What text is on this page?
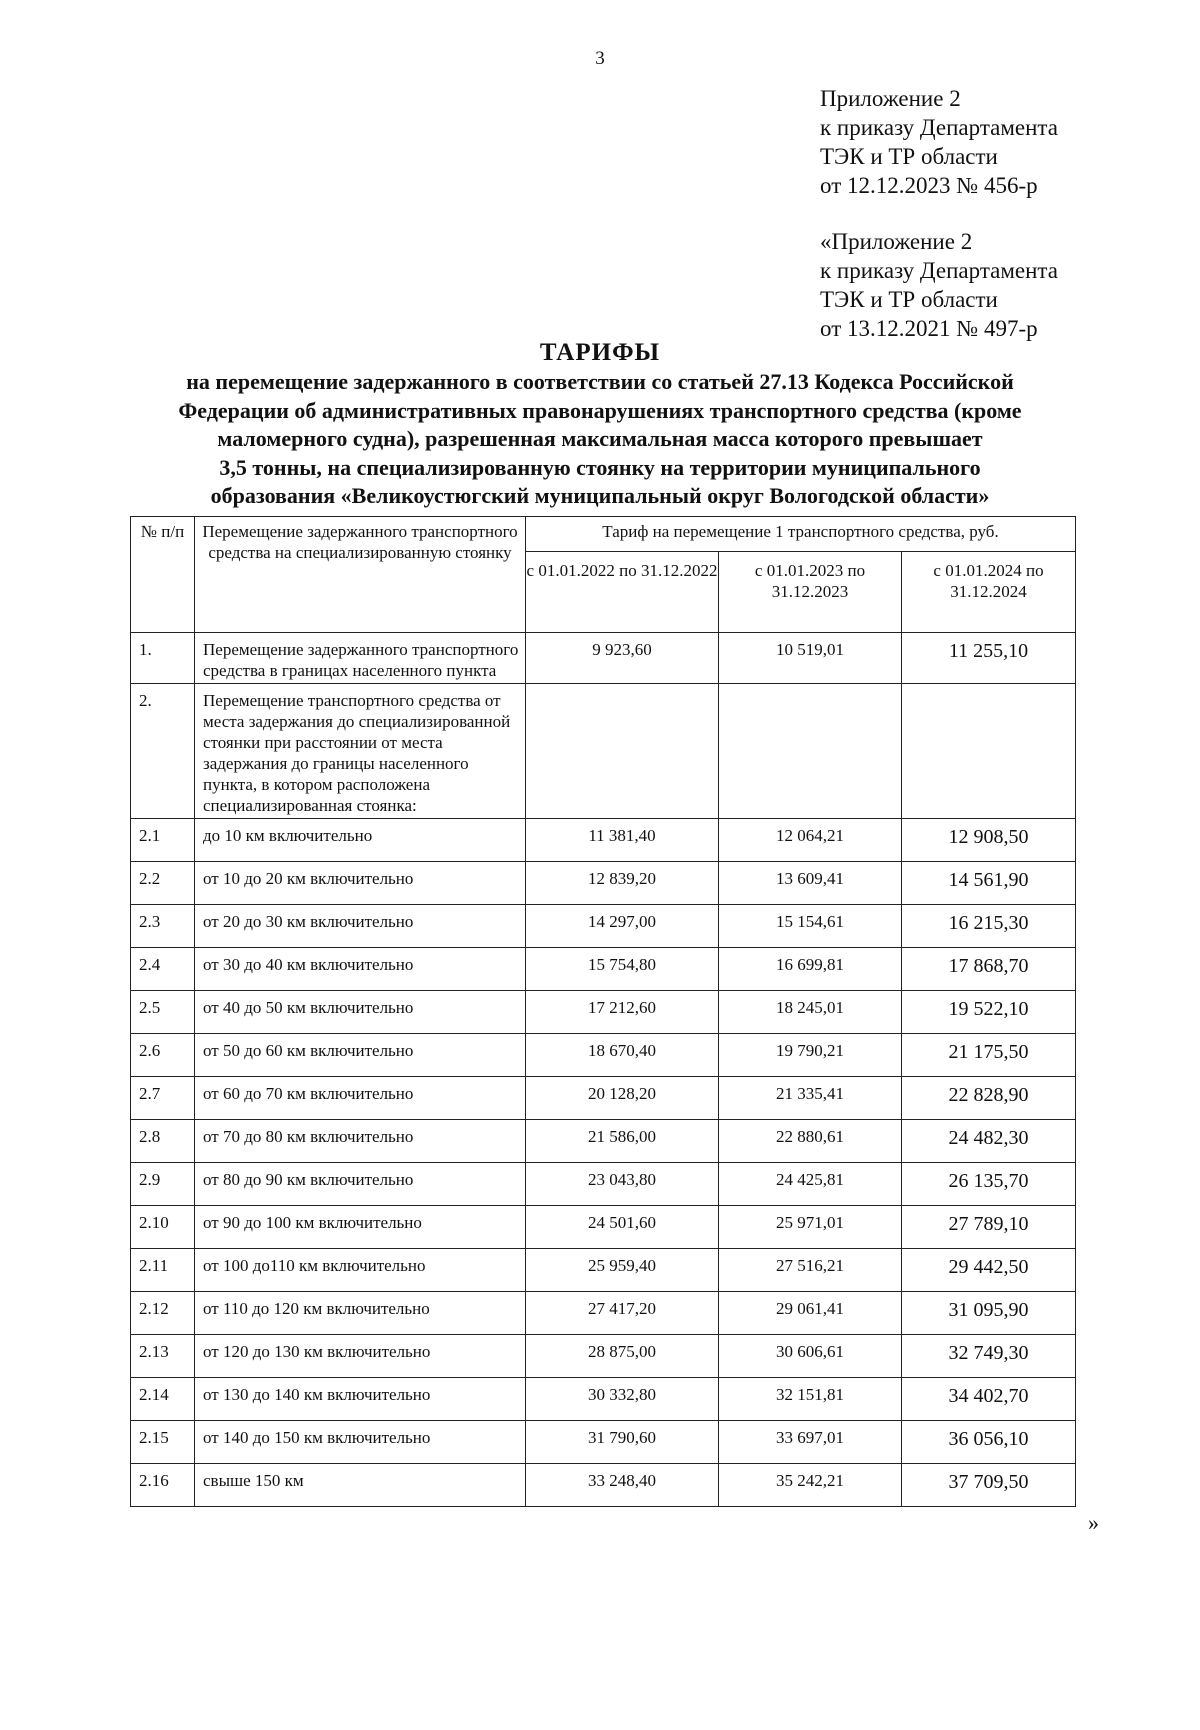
3
Приложение 2
к приказу Департамента
ТЭК и ТР области
от 12.12.2023 № 456-р
«Приложение 2
к приказу Департамента
ТЭК и ТР области
от 13.12.2021 № 497-р
ТАРИФЫ
на перемещение задержанного в соответствии со статьей 27.13 Кодекса Российской
Федерации об административных правонарушениях транспортного средства (кроме
маломерного судна), разрешенная максимальная масса которого превышает
3,5 тонны, на специализированную стоянку на территории муниципального
образования «Великоустюгский муниципальный округ Вологодской области»
№ п/п	Перемещение задержанного транспортного средства на специализированную стоянку	Тариф на перемещение 1 транспортного средства, руб.		
		с 01.01.2022 по 31.12.2022	с 01.01.2023 по 31.12.2023	с 01.01.2024 по 31.12.2024
1.	Перемещение задержанного транспортного средства в границах населенного пункта	9 923,60	10 519,01	11 255,10
2.	Перемещение транспортного средства от места задержания до специализированной стоянки при расстоянии от места задержания до границы населенного пункта, в котором расположена специализированная стоянка:			
2.1	до 10 км включительно	11 381,40	12 064,21	12 908,50
2.2	от 10 до 20 км включительно	12 839,20	13 609,41	14 561,90
2.3	от 20 до 30 км включительно	14 297,00	15 154,61	16 215,30
2.4	от 30 до 40 км включительно	15 754,80	16 699,81	17 868,70
2.5	от 40 до 50 км включительно	17 212,60	18 245,01	19 522,10
2.6	от 50 до 60 км включительно	18 670,40	19 790,21	21 175,50
2.7	от 60 до 70 км включительно	20 128,20	21 335,41	22 828,90
2.8	от 70 до 80 км включительно	21 586,00	22 880,61	24 482,30
2.9	от 80 до 90 км включительно	23 043,80	24 425,81	26 135,70
2.10	от 90 до 100 км включительно	24 501,60	25 971,01	27 789,10
2.11	от 100 до110 км включительно	25 959,40	27 516,21	29 442,50
2.12	от 110 до 120 км включительно	27 417,20	29 061,41	31 095,90
2.13	от 120 до 130 км включительно	28 875,00	30 606,61	32 749,30
2.14	от 130 до 140 км включительно	30 332,80	32 151,81	34 402,70
2.15	от 140 до 150 км включительно	31 790,60	33 697,01	36 056,10
2.16	свыше 150 км	33 248,40	35 242,21	37 709,50
»
